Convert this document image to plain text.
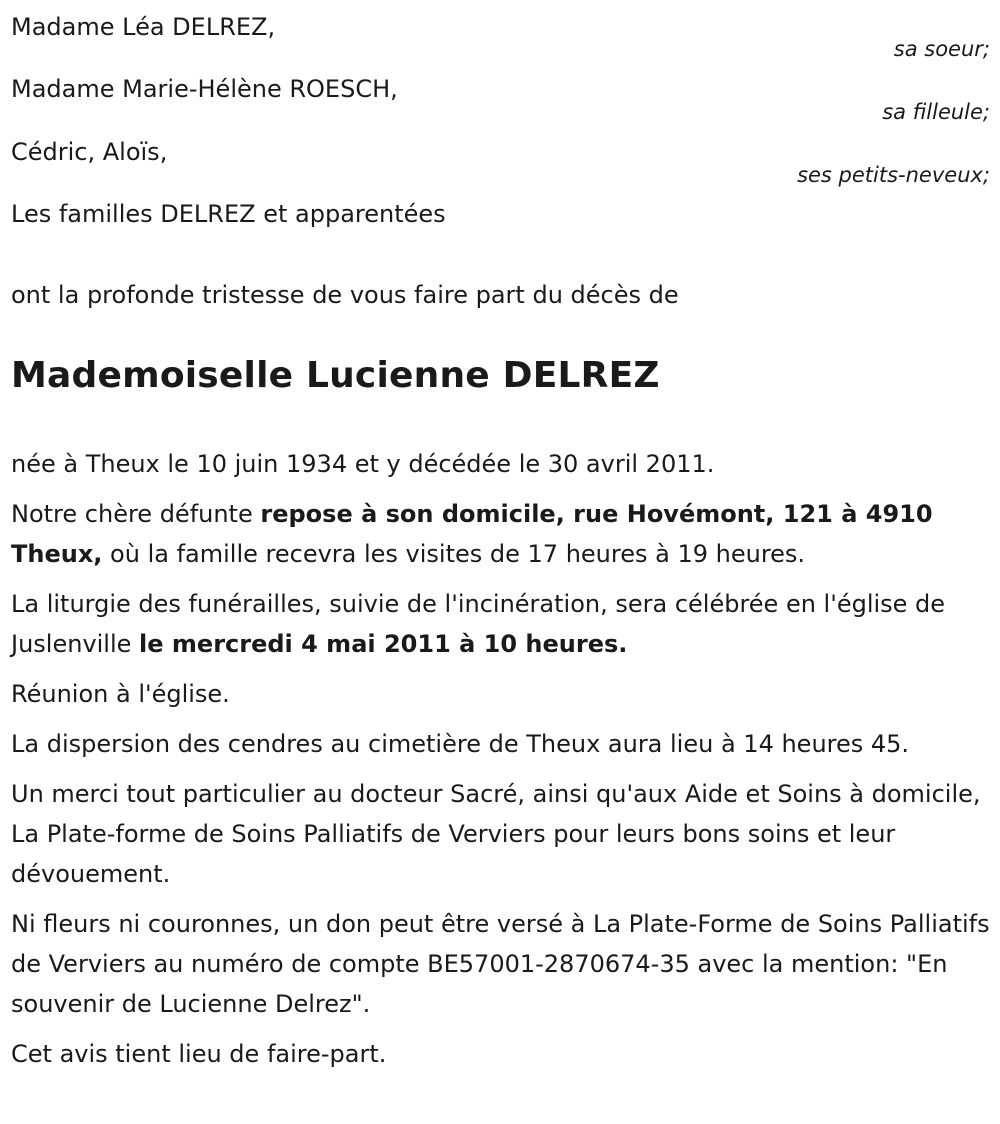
Madame Léa DELREZ,

sa soeur;

Madame Marie-Hélène ROESCH,

sa filleule;

Cédric, Aloïs,

ses petits-neveux;

Les familles DELREZ et apparentées

ont la profonde tristesse de vous faire part du décès de

Mademoiselle Lucienne DELREZ

née à Theux le 10 juin 1934 et y décédée le 30 avril 2011.

Notre chère défunte repose à son domicile, rue Hovémont, 121 à 4910 Theux, où la famille recevra les visites de 17 heures à 19 heures.

La liturgie des funérailles, suivie de l'incinération, sera célébrée en l'église de Juslenville le mercredi 4 mai 2011 à 10 heures.

Réunion à l'église.

La dispersion des cendres au cimetière de Theux aura lieu à 14 heures 45.

Un merci tout particulier au docteur Sacré, ainsi qu'aux Aide et Soins à domicile, La Plate-forme de Soins Palliatifs de Verviers pour leurs bons soins et leur dévouement.

Ni fleurs ni couronnes, un don peut être versé à La Plate-Forme de Soins Palliatifs de Verviers au numéro de compte BE57001-2870674-35 avec la mention: "En souvenir de Lucienne Delrez".

Cet avis tient lieu de faire-part.
